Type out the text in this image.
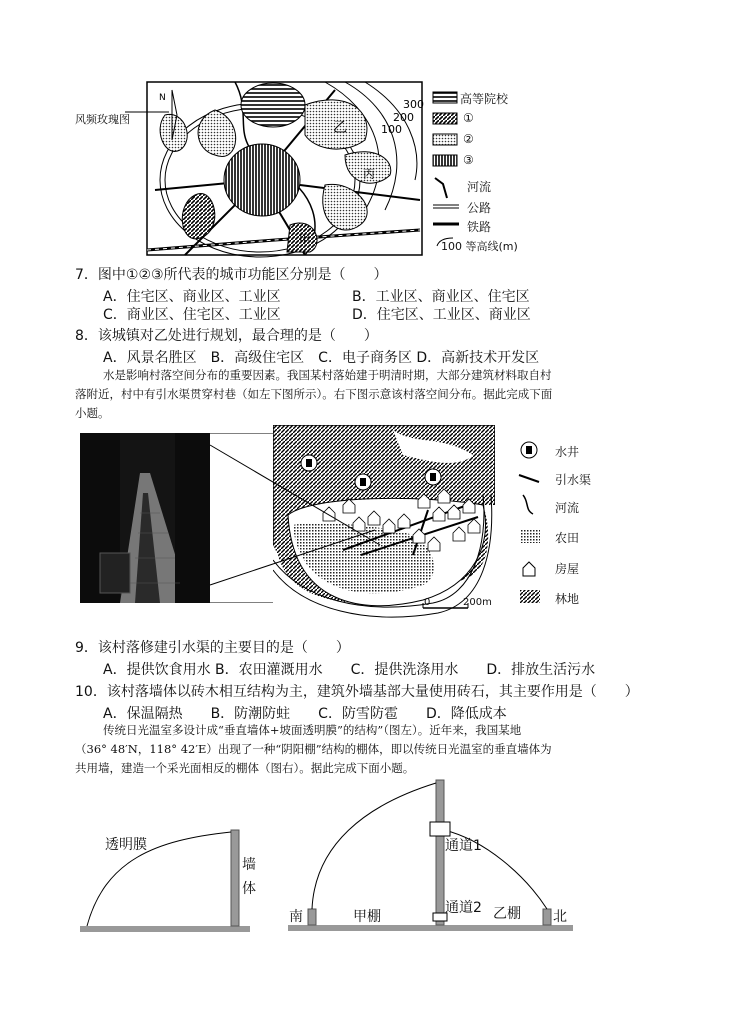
乙
丙
甲
N	300
200
100
风频玫瑰图
高等院校
①
②
③
河流
公路
铁路
100 等高线(m)
7．图中①②③所代表的城市功能区分别是（　　）
A．住宅区、商业区、工业区	B．工业区、商业区、住宅区
C．商业区、住宅区、工业区	D．住宅区、工业区、商业区
8．该城镇对乙处进行规划，最合理的是（　　）
A．风景名胜区　B．高级住宅区　C．电子商务区 D．高新技术开发区
水是影响村落空间分布的重要因素。我国某村落始建于明清时期，大部分建筑材料取自村
落附近，村中有引水渠贯穿村巷（如左下图所示）。右下图示意该村落空间分布。据此完成下面
小题。
0	200m
水井
引水渠
河流
农田
房屋
林地
9．该村落修建引水渠的主要目的是（　　）
A．提供饮食用水 B．农田灌溉用水　　C．提供洗涤用水　　D．排放生活污水
10．该村落墙体以砖木相互结构为主，建筑外墙基部大量使用砖石，其主要作用是（　　）
A．保温隔热　　B．防潮防蛀　　C．防雪防雹　　D．降低成本
传统日光温室多设计成“垂直墙体+坡面透明膜”的结构”（图左）。近年来，我国某地
（36° 48′N，118° 42′E）出现了一种“阴阳棚”结构的棚体，即以传统日光温室的垂直墙体为
共用墙，建造一个采光面相反的棚体（图右）。据此完成下面小题。
透明膜
墙
体
南	甲棚
通道1
通道2 乙棚 北
